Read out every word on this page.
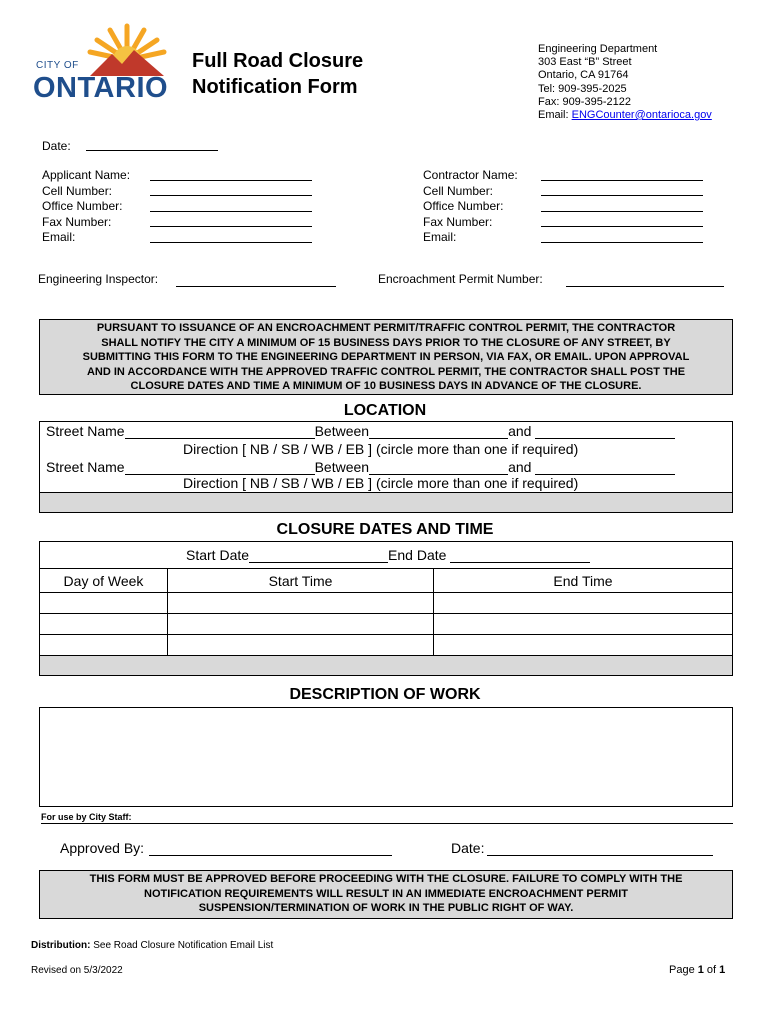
CITY OF
ONTARIO
Full Road Closure
Notification Form
Engineering Department
303 East “B” Street
Ontario, CA 91764
Tel: 909-395-2025
Fax: 909-395-2122
Email: ENGCounter@ontarioca.gov
Date:
Applicant Name:
Cell Number:
Office Number:
Fax Number:
Email:
Contractor Name:
Cell Number:
Office Number:
Fax Number:
Email:
Engineering Inspector:	Encroachment Permit Number:
PURSUANT TO ISSUANCE OF AN ENCROACHMENT PERMIT/TRAFFIC CONTROL PERMIT, THE CONTRACTOR
SHALL NOTIFY THE CITY A MINIMUM OF 15 BUSINESS DAYS PRIOR TO THE CLOSURE OF ANY STREET, BY
SUBMITTING THIS FORM TO THE ENGINEERING DEPARTMENT IN PERSON, VIA FAX, OR EMAIL. UPON APPROVAL
AND IN ACCORDANCE WITH THE APPROVED TRAFFIC CONTROL PERMIT, THE CONTRACTOR SHALL POST THE
CLOSURE DATES AND TIME A MINIMUM OF 10 BUSINESS DAYS IN ADVANCE OF THE CLOSURE.
LOCATION
Street Name	Between	and
Direction [ NB / SB / WB / EB ] (circle more than one if required)
Street Name	Between	and
Direction [ NB / SB / WB / EB ] (circle more than one if required)
CLOSURE DATES AND TIME
Start Date	End Date
Day of Week	Start Time	End Time

DESCRIPTION OF WORK
For use by City Staff:
Approved By:	Date:
THIS FORM MUST BE APPROVED BEFORE PROCEEDING WITH THE CLOSURE. FAILURE TO COMPLY WITH THE
NOTIFICATION REQUIREMENTS WILL RESULT IN AN IMMEDIATE ENCROACHMENT PERMIT
SUSPENSION/TERMINATION OF WORK IN THE PUBLIC RIGHT OF WAY.
Distribution: See Road Closure Notification Email List
Revised on 5/3/2022	Page 1 of 1
